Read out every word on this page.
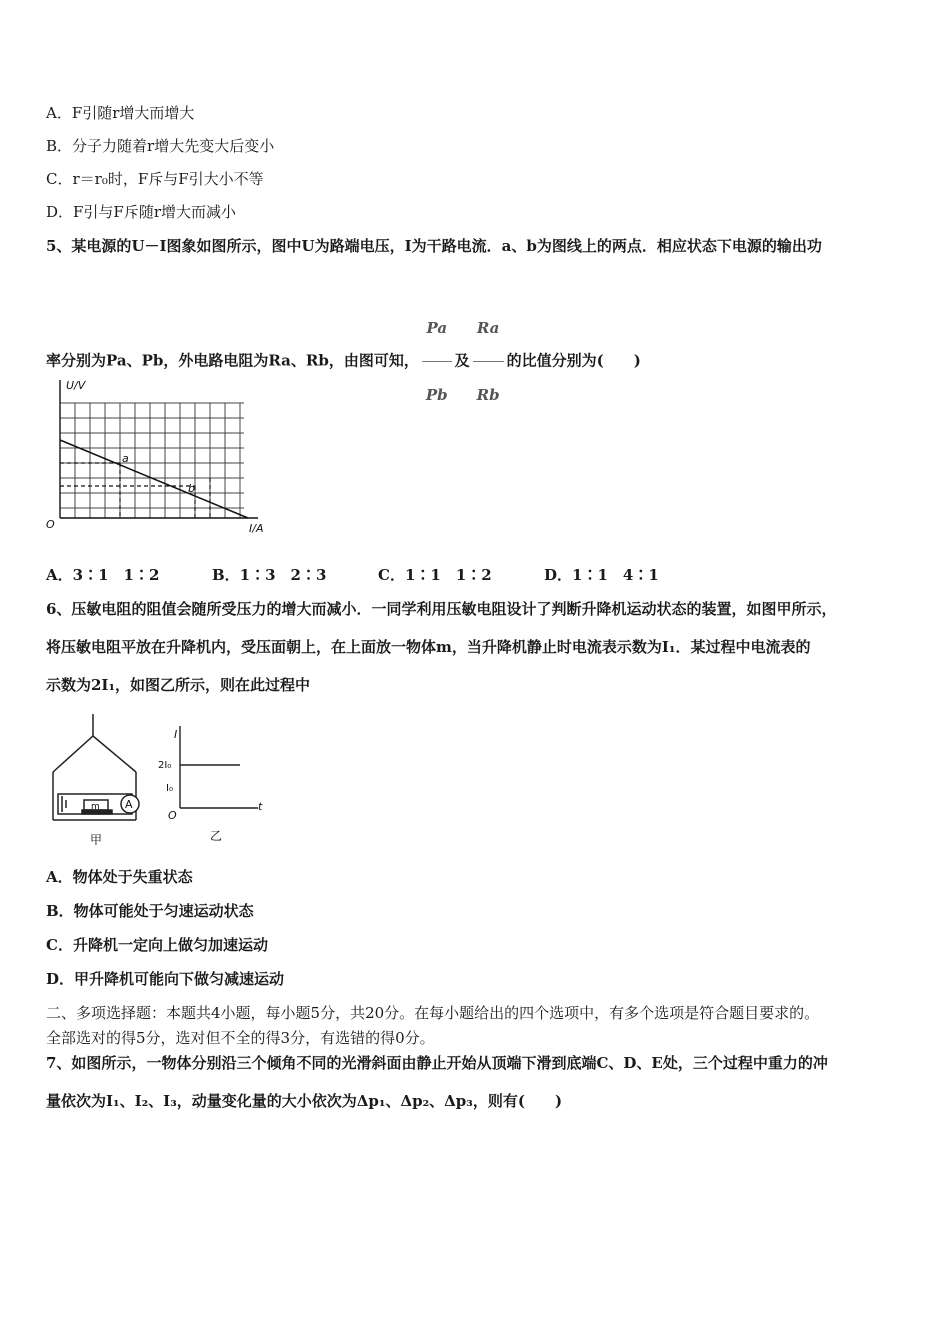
A．F引随r增大而增大
B．分子力随着r增大先变大后变小
C．r＝r₀时，F斥与F引大小不等
D．F引与F斥随r增大而减小
5、某电源的U－I图象如图所示，图中U为路端电压，I为干路电流．a、b为图线上的两点．相应状态下电源的输出功
率分别为Pa、Pb，外电路电阻为Ra、Rb，由图可知， $\frac{Pa}{Pb}$ 及 $\frac{Ra}{Rb}$ 的比值分别为(　　)
U/V
I/A
O
a
b
A．3∶1　1∶2	B．1∶3　2∶3	C．1∶1　1∶2	D．1∶1　4∶1
6、压敏电阻的阻值会随所受压力的增大而减小．一同学利用压敏电阻设计了判断升降机运动状态的装置，如图甲所示，
将压敏电阻平放在升降机内，受压面朝上，在上面放一物体m，当升降机静止时电流表示数为I₁．某过程中电流表的
示数为2I₁，如图乙所示，则在此过程中
m A
甲
I
t
O
2I₀
I₀
乙
A．物体处于失重状态
B．物体可能处于匀速运动状态
C．升降机一定向上做匀加速运动
D．甲升降机可能向下做匀减速运动
二、多项选择题：本题共4小题，每小题5分，共20分。在每小题给出的四个选项中，有多个选项是符合题目要求的。
全部选对的得5分，选对但不全的得3分，有选错的得0分。
7、如图所示，一物体分别沿三个倾角不同的光滑斜面由静止开始从顶端下滑到底端C、D、E处，三个过程中重力的冲
量依次为I₁、I₂、I₃，动量变化量的大小依次为Δp₁、Δp₂、Δp₃，则有(　　)
